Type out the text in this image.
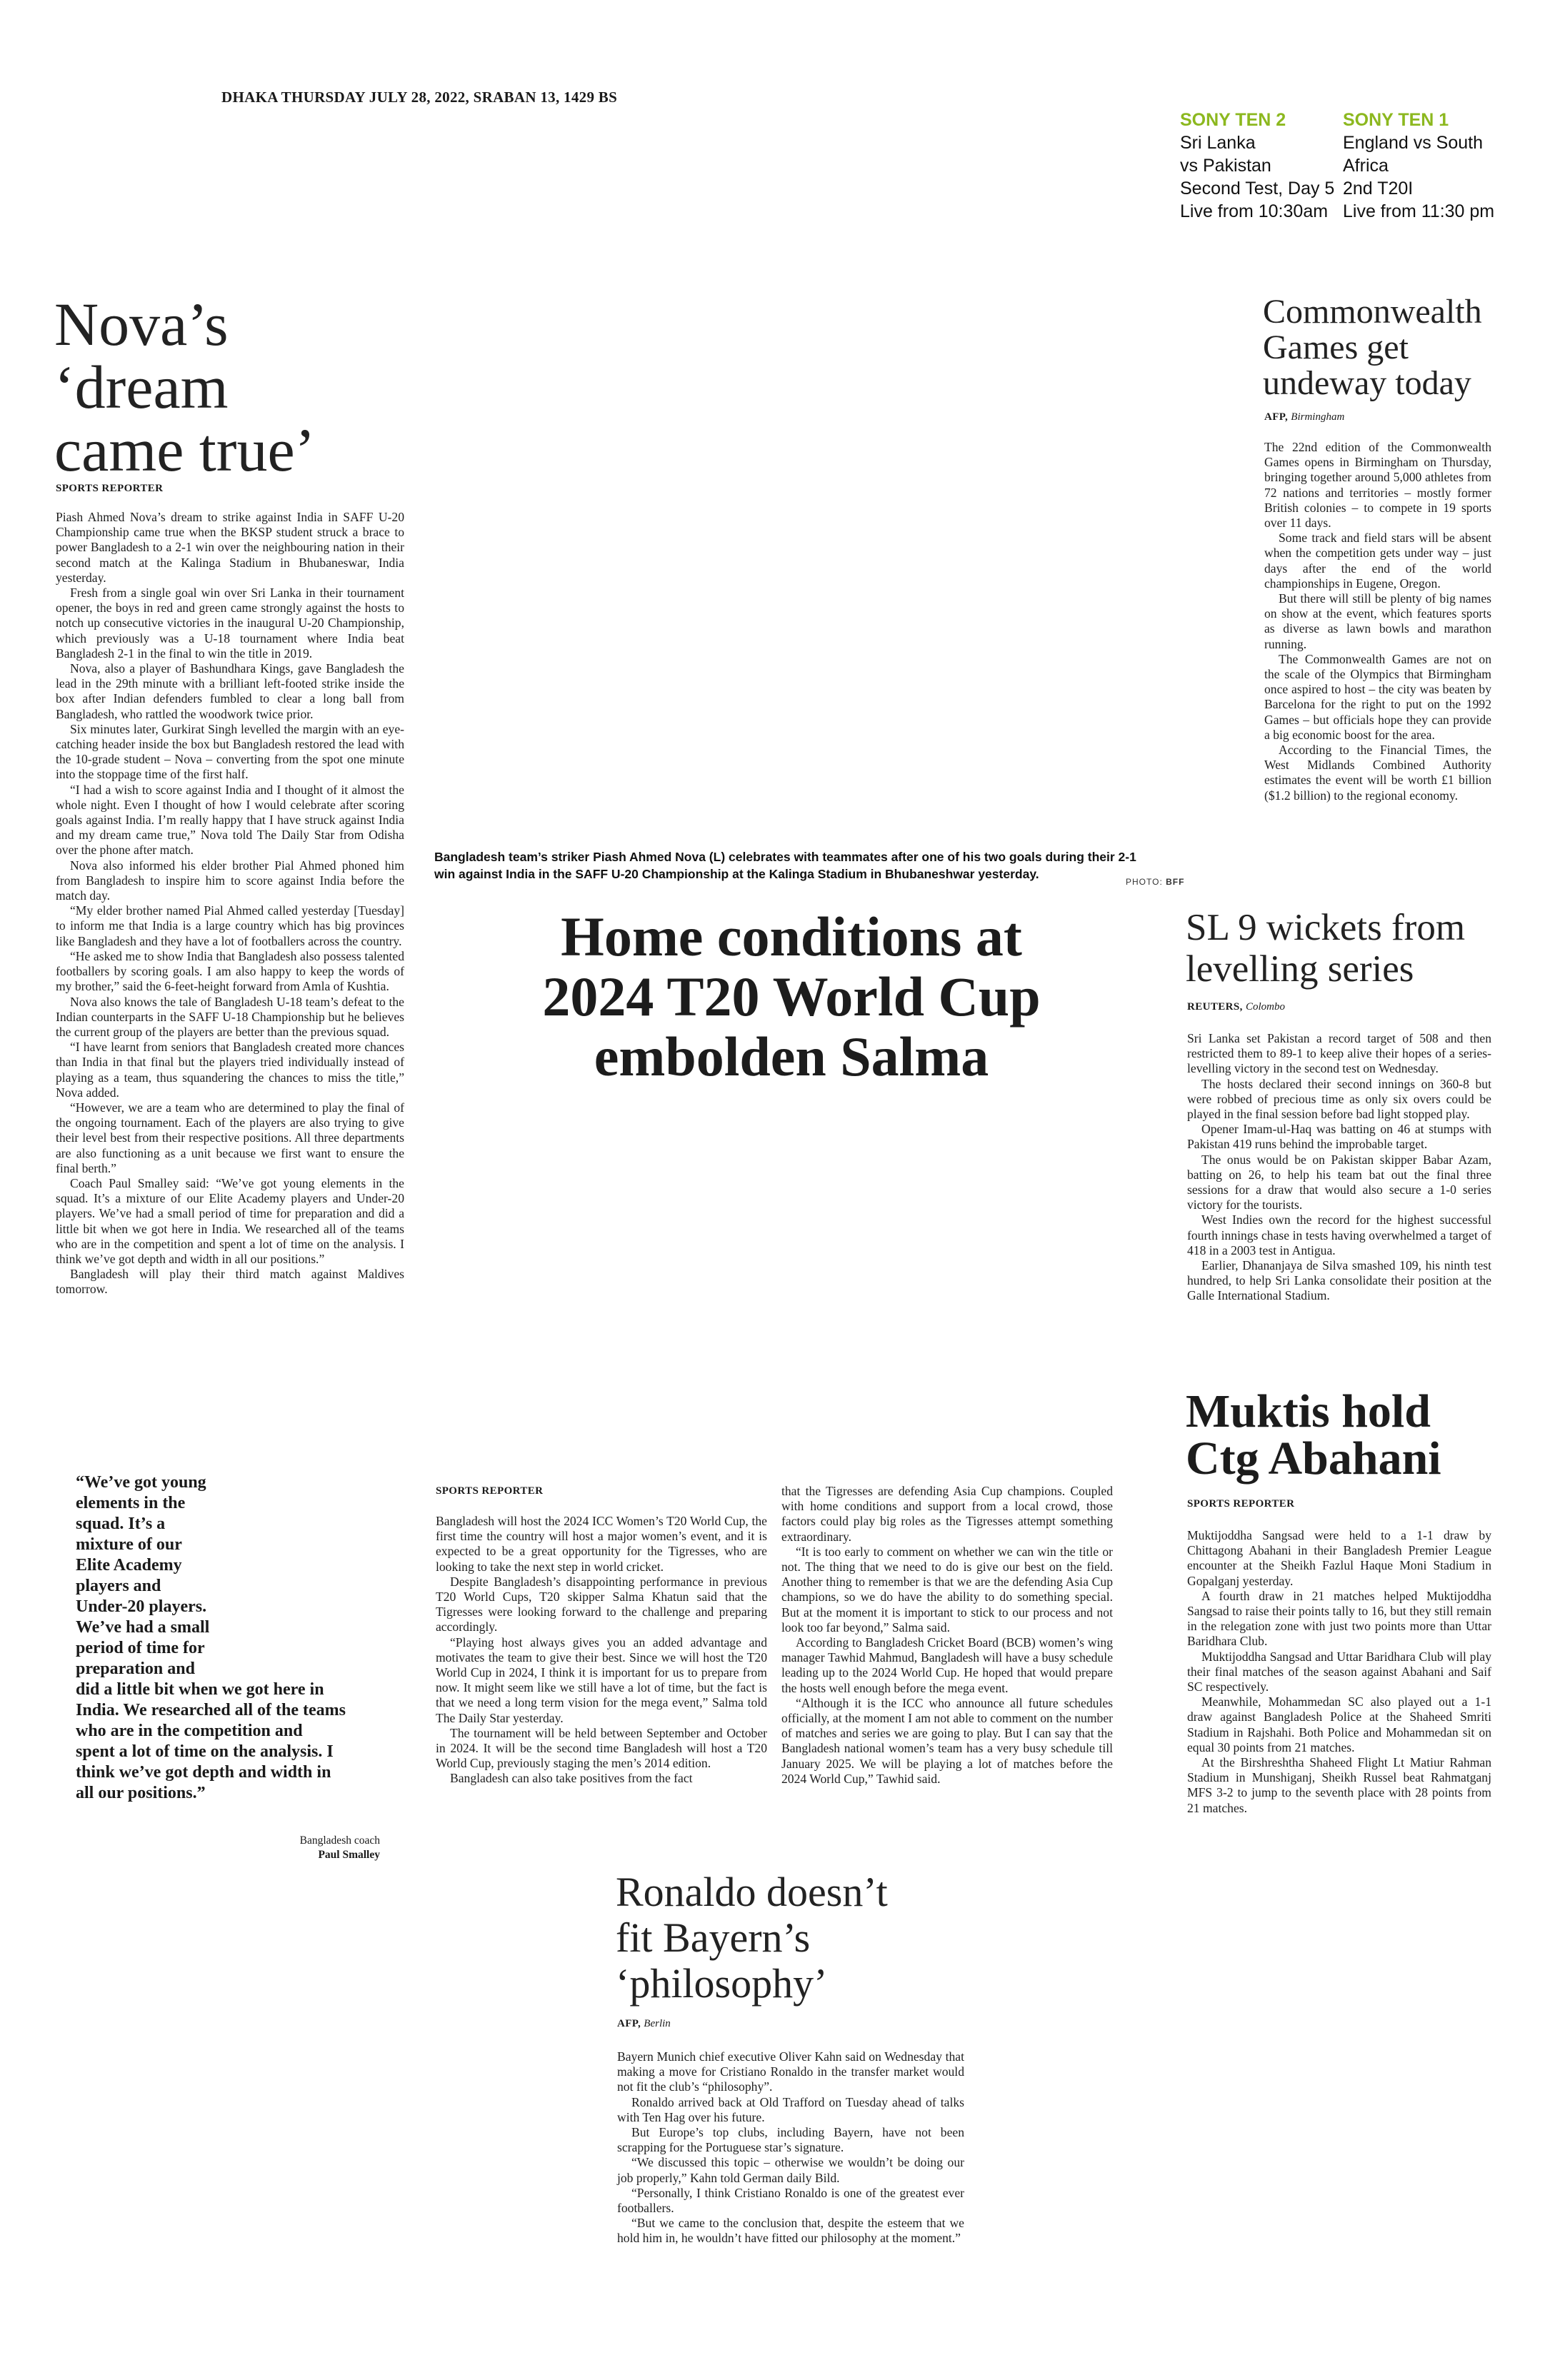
DHAKA THURSDAY JULY 28, 2022, SRABAN 13, 1429 BS
SONY TEN 2
Sri Lanka
vs Pakistan
Second Test, Day 5
Live from 10:30am
SONY TEN 1
England vs South
Africa
2nd T20I
Live from 11:30 pm
Nova’s
‘dream
came true’
SPORTS REPORTER

Piash Ahmed Nova’s dream to strike against India in SAFF U-20 Championship came true when the BKSP student struck a brace to power Bangladesh to a 2-1 win over the neighbouring nation in their second match at the Kalinga Stadium in Bhubaneswar, India yesterday.

Fresh from a single goal win over Sri Lanka in their tournament opener, the boys in red and green came strongly against the hosts to notch up consecutive victories in the inaugural U-20 Championship, which previously was a U-18 tournament where India beat Bangladesh 2-1 in the final to win the title in 2019.

Nova, also a player of Bashundhara Kings, gave Bangladesh the lead in the 29th minute with a brilliant left-footed strike inside the box after Indian defenders fumbled to clear a long ball from Bangladesh, who rattled the woodwork twice prior.

Six minutes later, Gurkirat Singh levelled the margin with an eye-catching header inside the box but Bangladesh restored the lead with the 10-grade student – Nova – converting from the spot one minute into the stoppage time of the first half.

“I had a wish to score against India and I thought of it almost the whole night. Even I thought of how I would celebrate after scoring goals against India. I’m really happy that I have struck against India and my dream came true,” Nova told The Daily Star from Odisha over the phone after match.

Nova also informed his elder brother Pial Ahmed phoned him from Bangladesh to inspire him to score against India before the match day.

“My elder brother named Pial Ahmed called yesterday [Tuesday] to inform me that India is a large country which has big provinces like Bangladesh and they have a lot of footballers across the country.

“He asked me to show India that Bangladesh also possess talented footballers by scoring goals. I am also happy to keep the words of my brother,” said the 6-feet-height forward from Amla of Kushtia.

Nova also knows the tale of Bangladesh U-18 team’s defeat to the Indian counterparts in the SAFF U-18 Championship but he believes the current group of the players are better than the previous squad.

“I have learnt from seniors that Bangladesh created more chances than India in that final but the players tried individually instead of playing as a team, thus squandering the chances to miss the title,” Nova added.

“However, we are a team who are determined to play the final of the ongoing tournament. Each of the players are also trying to give their level best from their respective positions. All three departments are also functioning as a unit because we first want to ensure the final berth.”

Coach Paul Smalley said: “We’ve got young elements in the squad. It’s a mixture of our Elite Academy players and Under-20 players. We’ve had a small period of time for preparation and did a little bit when we got here in India. We researched all of the teams who are in the competition and spent a lot of time on the analysis. I think we’ve got depth and width in all our positions.”

Bangladesh will play their third match against Maldives tomorrow.

“We’ve got young
elements in the
squad. It’s a
mixture of our
Elite Academy
players and
Under-20 players.
We’ve had a small
period of time for
preparation and
did a little bit when we got here in
India. We researched all of the teams
who are in the competition and
spent a lot of time on the analysis. I
think we’ve got depth and width in
all our positions.”
Bangladesh coach
Paul Smalley
Bangladesh team’s striker Piash Ahmed Nova (L) celebrates with teammates after one of his two goals during their 2-1 win against India in the SAFF U-20 Championship at the Kalinga Stadium in Bhubaneshwar yesterday.
PHOTO: BFF
Home conditions at
2024 T20 World Cup
embolden Salma
SPORTS REPORTER

Bangladesh will host the 2024 ICC Women’s T20 World Cup, the first time the country will host a major women’s event, and it is expected to be a great opportunity for the Tigresses, who are looking to take the next step in world cricket.

Despite Bangladesh’s disappointing performance in previous T20 World Cups, T20 skipper Salma Khatun said that the Tigresses were looking forward to the challenge and preparing accordingly.

“Playing host always gives you an added advantage and motivates the team to give their best. Since we will host the T20 World Cup in 2024, I think it is important for us to prepare from now. It might seem like we still have a lot of time, but the fact is that we need a long term vision for the mega event,” Salma told The Daily Star yesterday.

The tournament will be held between September and October in 2024. It will be the second time Bangladesh will host a T20 World Cup, previously staging the men’s 2014 edition.

Bangladesh can also take positives from the fact

that the Tigresses are defending Asia Cup champions. Coupled with home conditions and support from a local crowd, those factors could play big roles as the Tigresses attempt something extraordinary.

“It is too early to comment on whether we can win the title or not. The thing that we need to do is give our best on the field. Another thing to remember is that we are the defending Asia Cup champions, so we do have the ability to do something special. But at the moment it is important to stick to our process and not look too far beyond,” Salma said.

According to Bangladesh Cricket Board (BCB) women’s wing manager Tawhid Mahmud, Bangladesh will have a busy schedule leading up to the 2024 World Cup. He hoped that would prepare the hosts well enough before the mega event.

“Although it is the ICC who announce all future schedules officially, at the moment I am not able to comment on the number of matches and series we are going to play. But I can say that the Bangladesh national women’s team has a very busy schedule till January 2025. We will be playing a lot of matches before the 2024 World Cup,” Tawhid said.

Commonwealth
Games get
undeway today
AFP, Birmingham

The 22nd edition of the Commonwealth Games opens in Birmingham on Thursday, bringing together around 5,000 athletes from 72 nations and territories – mostly former British colonies – to compete in 19 sports over 11 days.

Some track and field stars will be absent when the competition gets under way – just days after the end of the world championships in Eugene, Oregon.

But there will still be plenty of big names on show at the event, which features sports as diverse as lawn bowls and marathon running.

The Commonwealth Games are not on the scale of the Olympics that Birmingham once aspired to host – the city was beaten by Barcelona for the right to put on the 1992 Games – but officials hope they can provide a big economic boost for the area.

According to the Financial Times, the West Midlands Combined Authority estimates the event will be worth £1 billion ($1.2 billion) to the regional economy.

SL 9 wickets from
levelling series
REUTERS, Colombo

Sri Lanka set Pakistan a record target of 508 and then restricted them to 89-1 to keep alive their hopes of a series-levelling victory in the second test on Wednesday.

The hosts declared their second innings on 360-8 but were robbed of precious time as only six overs could be played in the final session before bad light stopped play.

Opener Imam-ul-Haq was batting on 46 at stumps with Pakistan 419 runs behind the improbable target.

The onus would be on Pakistan skipper Babar Azam, batting on 26, to help his team bat out the final three sessions for a draw that would also secure a 1-0 series victory for the tourists.

West Indies own the record for the highest successful fourth innings chase in tests having overwhelmed a target of 418 in a 2003 test in Antigua.

Earlier, Dhananjaya de Silva smashed 109, his ninth test hundred, to help Sri Lanka consolidate their position at the Galle International Stadium.

Muktis hold
Ctg Abahani
SPORTS REPORTER

Muktijoddha Sangsad were held to a 1-1 draw by Chittagong Abahani in their Bangladesh Premier League encounter at the Sheikh Fazlul Haque Moni Stadium in Gopalganj yesterday.

A fourth draw in 21 matches helped Muktijoddha Sangsad to raise their points tally to 16, but they still remain in the relegation zone with just two points more than Uttar Baridhara Club.

Muktijoddha Sangsad and Uttar Baridhara Club will play their final matches of the season against Abahani and Saif SC respectively.

Meanwhile, Mohammedan SC also played out a 1-1 draw against Bangladesh Police at the Shaheed Smriti Stadium in Rajshahi. Both Police and Mohammedan sit on equal 30 points from 21 matches.

At the Birshreshtha Shaheed Flight Lt Matiur Rahman Stadium in Munshiganj, Sheikh Russel beat Rahmatganj MFS 3-2 to jump to the seventh place with 28 points from 21 matches.

Ronaldo doesn’t
fit Bayern’s
‘philosophy’
AFP, Berlin

Bayern Munich chief executive Oliver Kahn said on Wednesday that making a move for Cristiano Ronaldo in the transfer market would not fit the club’s “philosophy”.

Ronaldo arrived back at Old Trafford on Tuesday ahead of talks with Ten Hag over his future.

But Europe’s top clubs, including Bayern, have not been scrapping for the Portuguese star’s signature.

“We discussed this topic – otherwise we wouldn’t be doing our job properly,” Kahn told German daily Bild.

“Personally, I think Cristiano Ronaldo is one of the greatest ever footballers.

“But we came to the conclusion that, despite the esteem that we hold him in, he wouldn’t have fitted our philosophy at the moment.”
